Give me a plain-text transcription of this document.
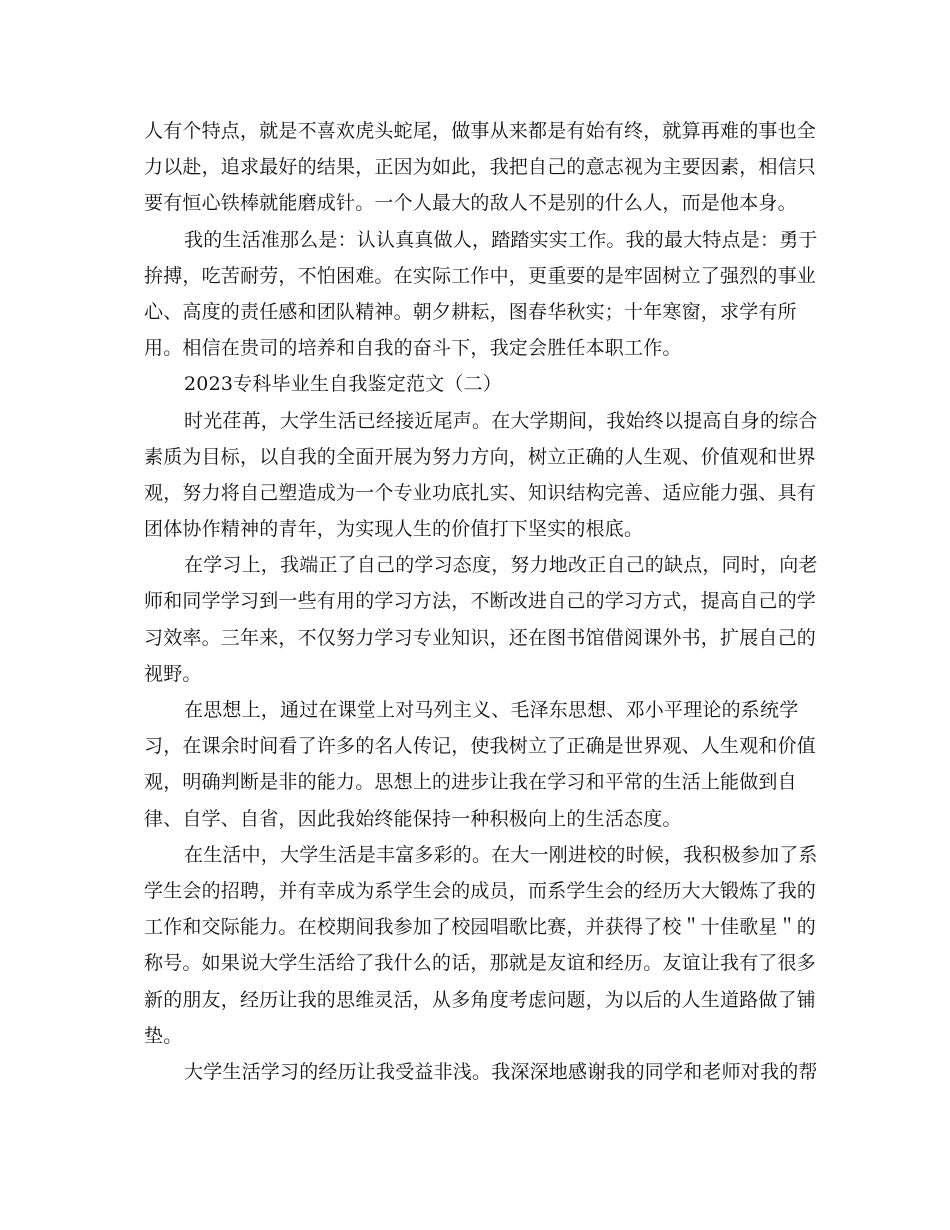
人有个特点，就是不喜欢虎头蛇尾，做事从来都是有始有终，就算再难的事也全
力以赴，追求最好的结果，正因为如此，我把自己的意志视为主要因素，相信只
要有恒心铁棒就能磨成针。一个人最大的敌人不是别的什么人，而是他本身。
我的生活准那么是：认认真真做人，踏踏实实工作。我的最大特点是：勇于
拚搏，吃苦耐劳，不怕困难。在实际工作中，更重要的是牢固树立了强烈的事业
心、高度的责任感和团队精神。朝夕耕耘，图春华秋实；十年寒窗，求学有所
用。相信在贵司的培养和自我的奋斗下，我定会胜任本职工作。
2023专科毕业生自我鉴定范文（二）
时光荏苒，大学生活已经接近尾声。在大学期间，我始终以提高自身的综合
素质为目标，以自我的全面开展为努力方向，树立正确的人生观、价值观和世界
观，努力将自己塑造成为一个专业功底扎实、知识结构完善、适应能力强、具有
团体协作精神的青年，为实现人生的价值打下坚实的根底。
在学习上，我端正了自己的学习态度，努力地改正自己的缺点，同时，向老
师和同学学习到一些有用的学习方法，不断改进自己的学习方式，提高自己的学
习效率。三年来，不仅努力学习专业知识，还在图书馆借阅课外书，扩展自己的
视野。
在思想上，通过在课堂上对马列主义、毛泽东思想、邓小平理论的系统学
习，在课余时间看了许多的名人传记，使我树立了正确是世界观、人生观和价值
观，明确判断是非的能力。思想上的进步让我在学习和平常的生活上能做到自
律、自学、自省，因此我始终能保持一种积极向上的生活态度。
在生活中，大学生活是丰富多彩的。在大一刚进校的时候，我积极参加了系
学生会的招聘，并有幸成为系学生会的成员，而系学生会的经历大大锻炼了我的
工作和交际能力。在校期间我参加了校园唱歌比赛，并获得了校＂十佳歌星＂的
称号。如果说大学生活给了我什么的话，那就是友谊和经历。友谊让我有了很多
新的朋友，经历让我的思维灵活，从多角度考虑问题，为以后的人生道路做了铺
垫。
大学生活学习的经历让我受益非浅。我深深地感谢我的同学和老师对我的帮
